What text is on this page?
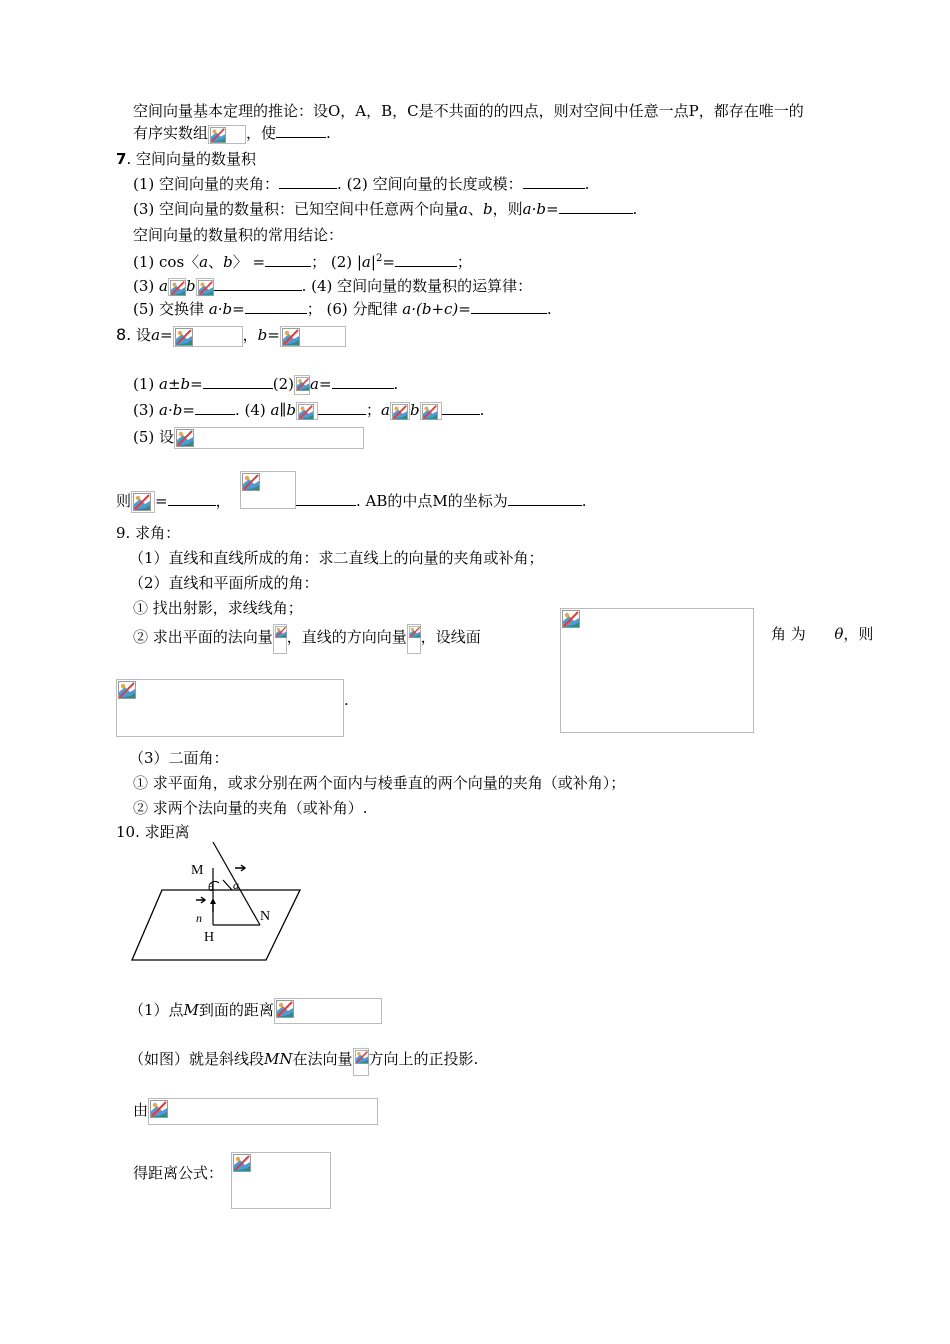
空间向量基本定理的推论：设O，A，B，C是不共面的的四点，则对空间中任意一点P，都存在唯一的
有序实数组	，使	.
7. 空间向量的数量积
(1) 空间向量的夹角：	. (2) 空间向量的长度或模：	.
(3) 空间向量的数量积：已知空间中任意两个向量a、b，则a·b=	.
空间向量的数量积的常用结论：
(1) cos〈a、b〉 =	； (2) $|a|^2=$	；
(3) a b	. (4) 空间向量的数量积的运算律：
(5) 交换律 a·b=	； (6) 分配律 a·(b+c)=	.
8. 设a=	，b=
(1) a±b=	(2) a=	.
(3) a·b=	. (4) a∥b	；a b	.
(5) 设
则 =	，	. AB的中点M的坐标为	.
9. 求角：
（1）直线和直线所成的角：求二直线上的向量的夹角或补角；
（2）直线和平面所成的角：
① 找出射影，求线线角；
② 求出平面的法向量 ，直线的方向向量 ，设线面	角 为 θ，则
.
（3）二面角：
① 求平面角，或求分别在两个面内与棱垂直的两个向量的夹角（或补角）；
② 求两个法向量的夹角（或补角）.
10. 求距离
M
N
H
θ a
n
（1）点M到面的距离
（如图）就是斜线段MN在法向量 方向上的正投影.
由
得距离公式：
